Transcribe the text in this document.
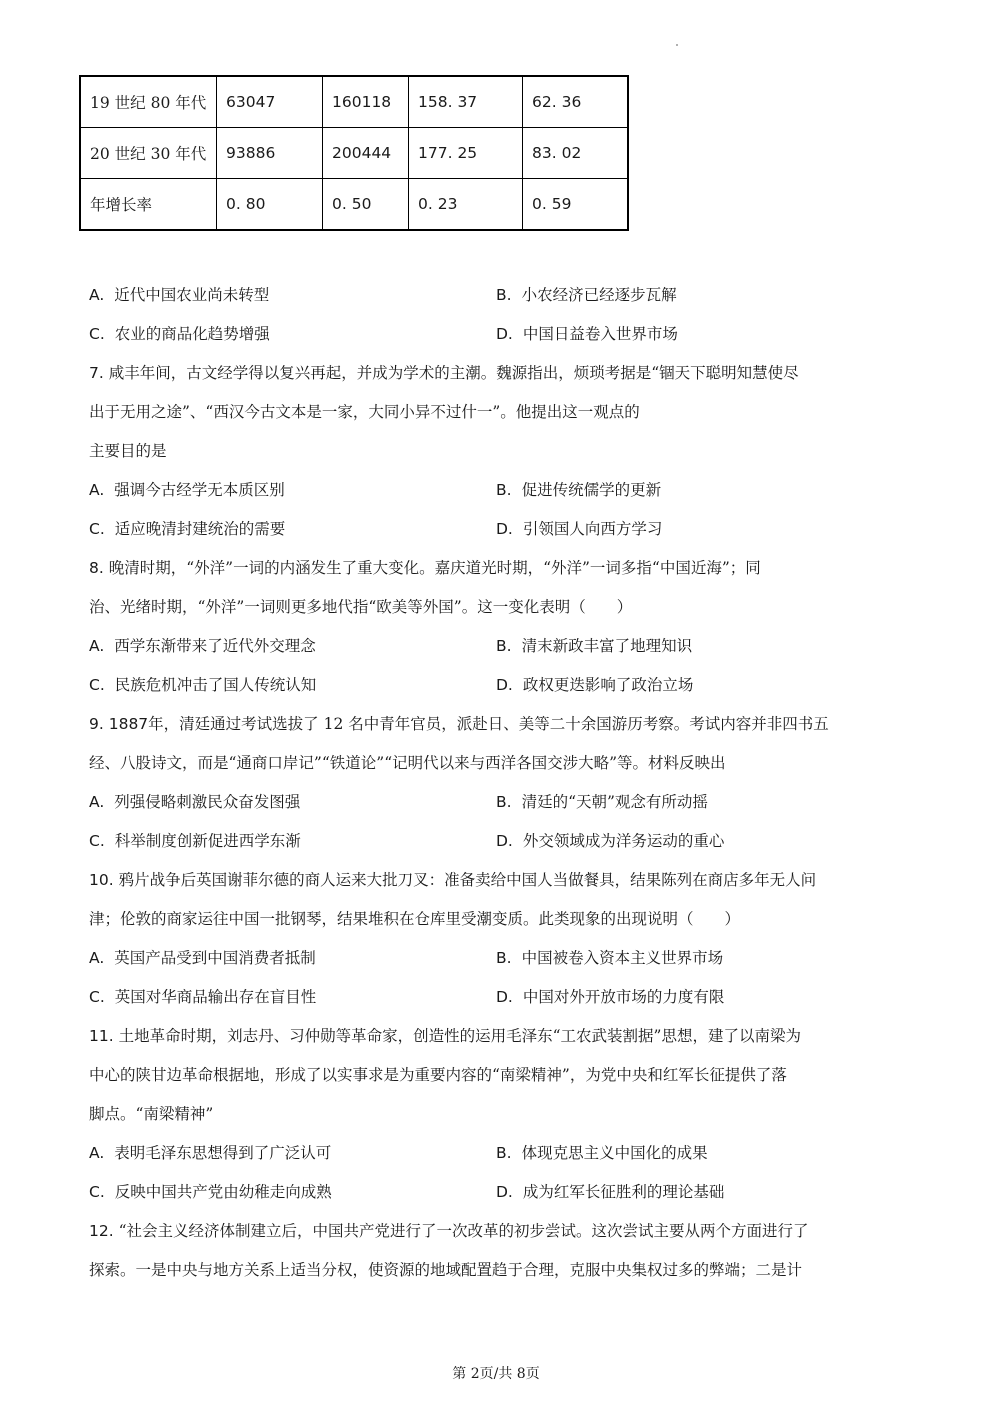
19 世纪 80 年代	63047	160118	158. 37	62. 36
20 世纪 30 年代	93886	200444	177. 25	83. 02
年增长率	0. 80	0. 50	0. 23	0. 59
A. 近代中国农业尚未转型	B. 小农经济已经逐步瓦解
C. 农业的商品化趋势增强	D. 中国日益卷入世界市场
7. 咸丰年间，古文经学得以复兴再起，并成为学术的主潮。魏源指出，烦琐考据是“锢天下聪明知慧使尽
出于无用之途”、“西汉今古文本是一家，大同小异不过什一”。他提出这一观点的
主要目的是
A. 强调今古经学无本质区别	B. 促进传统儒学的更新
C. 适应晚清封建统治的需要	D. 引领国人向西方学习
8. 晚清时期，“外洋”一词的内涵发生了重大变化。嘉庆道光时期，“外洋”一词多指“中国近海”；同
治、光绪时期，“外洋”一词则更多地代指“欧美等外国”。这一变化表明（　　）
A. 西学东渐带来了近代外交理念	B. 清末新政丰富了地理知识
C. 民族危机冲击了国人传统认知	D. 政权更迭影响了政治立场
9. 1887年，清廷通过考试选拔了 12 名中青年官员，派赴日、美等二十余国游历考察。考试内容并非四书五
经、八股诗文，而是“通商口岸记”“铁道论”“记明代以来与西洋各国交涉大略”等。材料反映出
A. 列强侵略刺激民众奋发图强	B. 清廷的“天朝”观念有所动摇
C. 科举制度创新促进西学东渐	D. 外交领域成为洋务运动的重心
10. 鸦片战争后英国谢菲尔德的商人运来大批刀叉：准备卖给中国人当做餐具，结果陈列在商店多年无人问
津；伦敦的商家运往中国一批钢琴，结果堆积在仓库里受潮变质。此类现象的出现说明（　　）
A. 英国产品受到中国消费者抵制	B. 中国被卷入资本主义世界市场
C. 英国对华商品输出存在盲目性	D. 中国对外开放市场的力度有限
11. 土地革命时期，刘志丹、习仲勋等革命家，创造性的运用毛泽东“工农武装割据”思想，建了以南梁为
中心的陕甘边革命根据地，形成了以实事求是为重要内容的“南梁精神”，为党中央和红军长征提供了落
脚点。“南梁精神”
A. 表明毛泽东思想得到了广泛认可	B. 体现克思主义中国化的成果
C. 反映中国共产党由幼稚走向成熟	D. 成为红军长征胜利的理论基础
12. “社会主义经济体制建立后，中国共产党进行了一次改革的初步尝试。这次尝试主要从两个方面进行了
探索。一是中央与地方关系上适当分权，使资源的地域配置趋于合理，克服中央集权过多的弊端；二是计
第 2页/共 8页
